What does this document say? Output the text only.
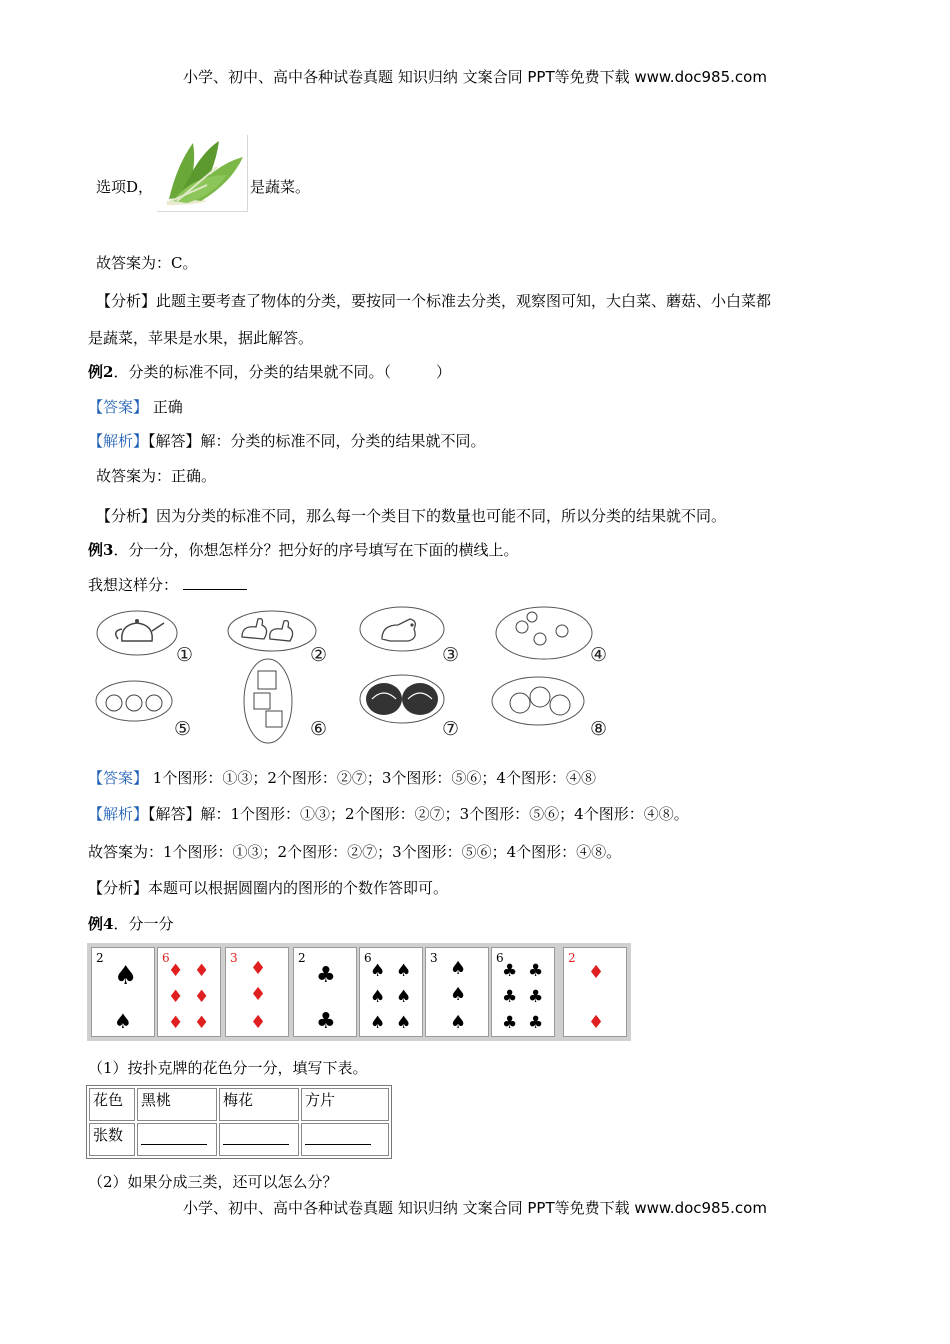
小学、初中、高中各种试卷真题 知识归纳 文案合同 PPT等免费下载 www.doc985.com
选项D，	是蔬菜。
故答案为：C。
【分析】此题主要考查了物体的分类，要按同一个标准去分类，观察图可知，大白菜、蘑菇、小白菜都
是蔬菜，苹果是水果，据此解答。
例2．分类的标准不同，分类的结果就不同。（　　　）
【答案】 正确
【解析】【解答】解：分类的标准不同，分类的结果就不同。
故答案为：正确。
【分析】因为分类的标准不同，那么每一个类目下的数量也可能不同，所以分类的结果就不同。
例3．分一分，你想怎样分？把分好的序号填写在下面的横线上。
我想这样分：
①	②	③	④
⑤	⑥	⑦	⑧
【答案】 1个图形：①③；2个图形：②⑦；3个图形：⑤⑥；4个图形：④⑧
【解析】【解答】解：1个图形：①③；2个图形：②⑦；3个图形：⑤⑥；4个图形：④⑧。
故答案为：1个图形：①③；2个图形：②⑦；3个图形：⑤⑥；4个图形：④⑧。
【分析】本题可以根据圆圈内的图形的个数作答即可。
例4．分一分
2
♠
♠
6
♦ ♦
♦ ♦
♦ ♦
3 ♦
♦
♦
2
♣
♣
6
♠ ♠
♠ ♠
♠ ♠
3 ♠
♠
♠
6
♣ ♣
♣ ♣
♣ ♣
2
♦
♦
（1）按扑克牌的花色分一分，填写下表。
花色	黑桃	梅花	方片
张数			
（2）如果分成三类，还可以怎么分？
小学、初中、高中各种试卷真题 知识归纳 文案合同 PPT等免费下载 www.doc985.com
